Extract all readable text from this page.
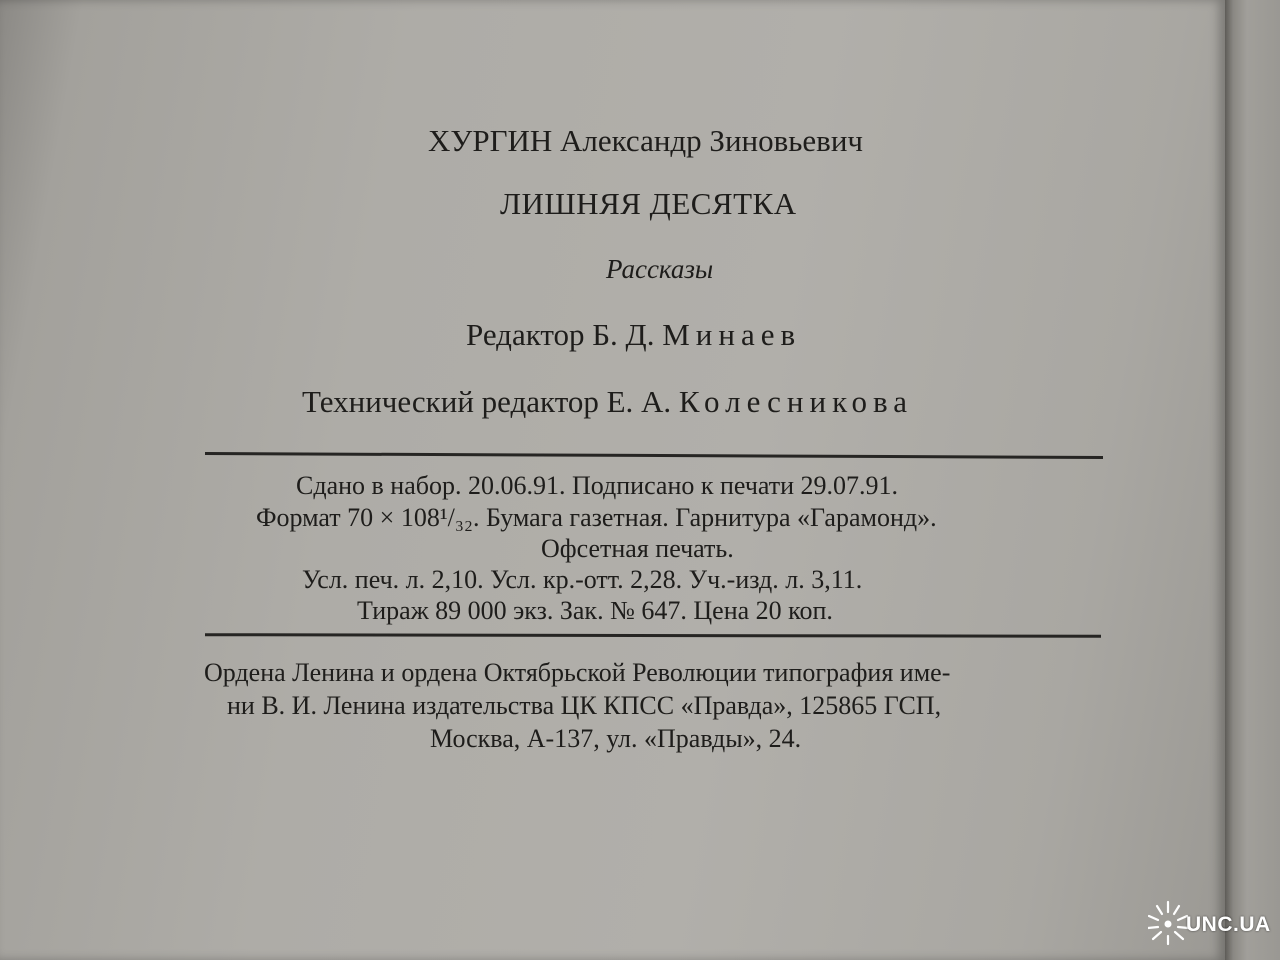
ХУРГИН Александр Зиновьевич
ЛИШНЯЯ ДЕСЯТКА
Рассказы
Редактор Б. Д. Минаев
Технический редактор Е. А. Колесникова
Сдано в набор. 20.06.91. Подписано к печати 29.07.91.
Формат 70 × 108¹/₃₂. Бумага газетная. Гарнитура «Гарамонд».
Офсетная печать.
Усл. печ. л. 2,10. Усл. кр.-отт. 2,28. Уч.-изд. л. 3,11.
Тираж 89 000 экз. Зак. № 647. Цена 20 коп.
Ордена Ленина и ордена Октябрьской Революции типография име-
ни В. И. Ленина издательства ЦК КПСС «Правда», 125865 ГСП,
Москва, А-137, ул. «Правды», 24.
UNC.UA
